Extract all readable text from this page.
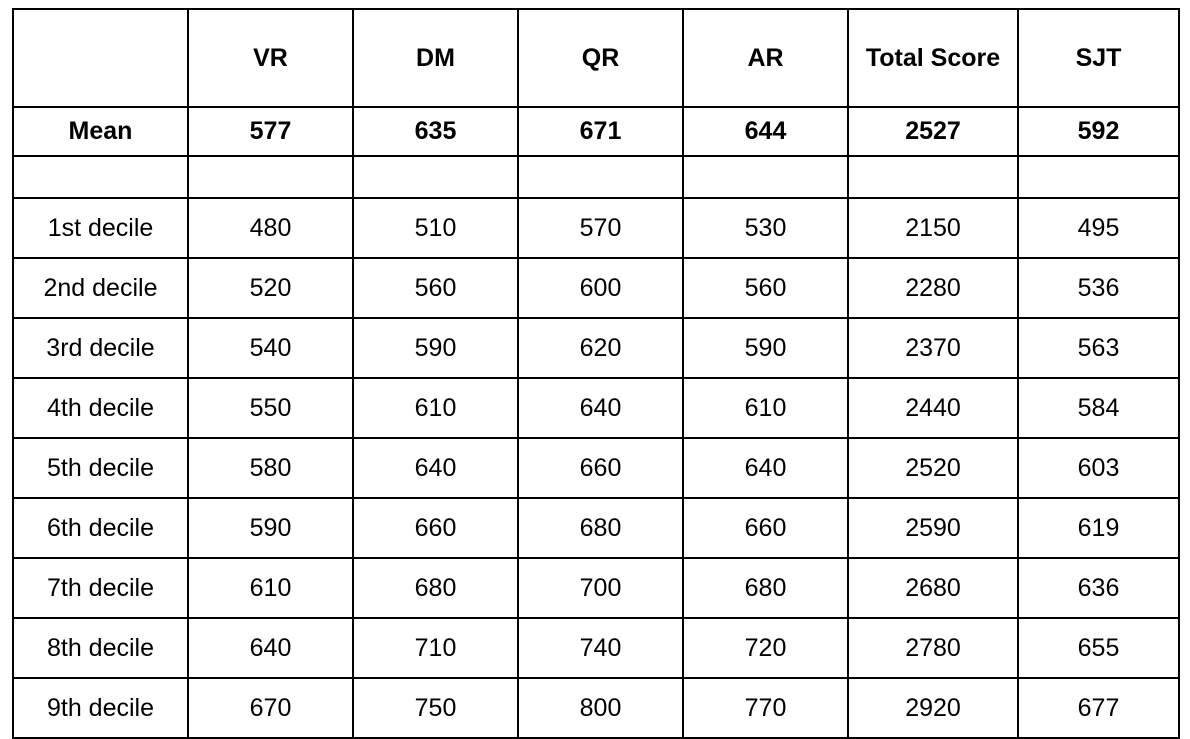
	VR	DM	QR	AR	Total Score	SJT
Mean	577	635	671	644	2527	592

1st decile	480	510	570	530	2150	495
2nd decile	520	560	600	560	2280	536
3rd decile	540	590	620	590	2370	563
4th decile	550	610	640	610	2440	584
5th decile	580	640	660	640	2520	603
6th decile	590	660	680	660	2590	619
7th decile	610	680	700	680	2680	636
8th decile	640	710	740	720	2780	655
9th decile	670	750	800	770	2920	677
